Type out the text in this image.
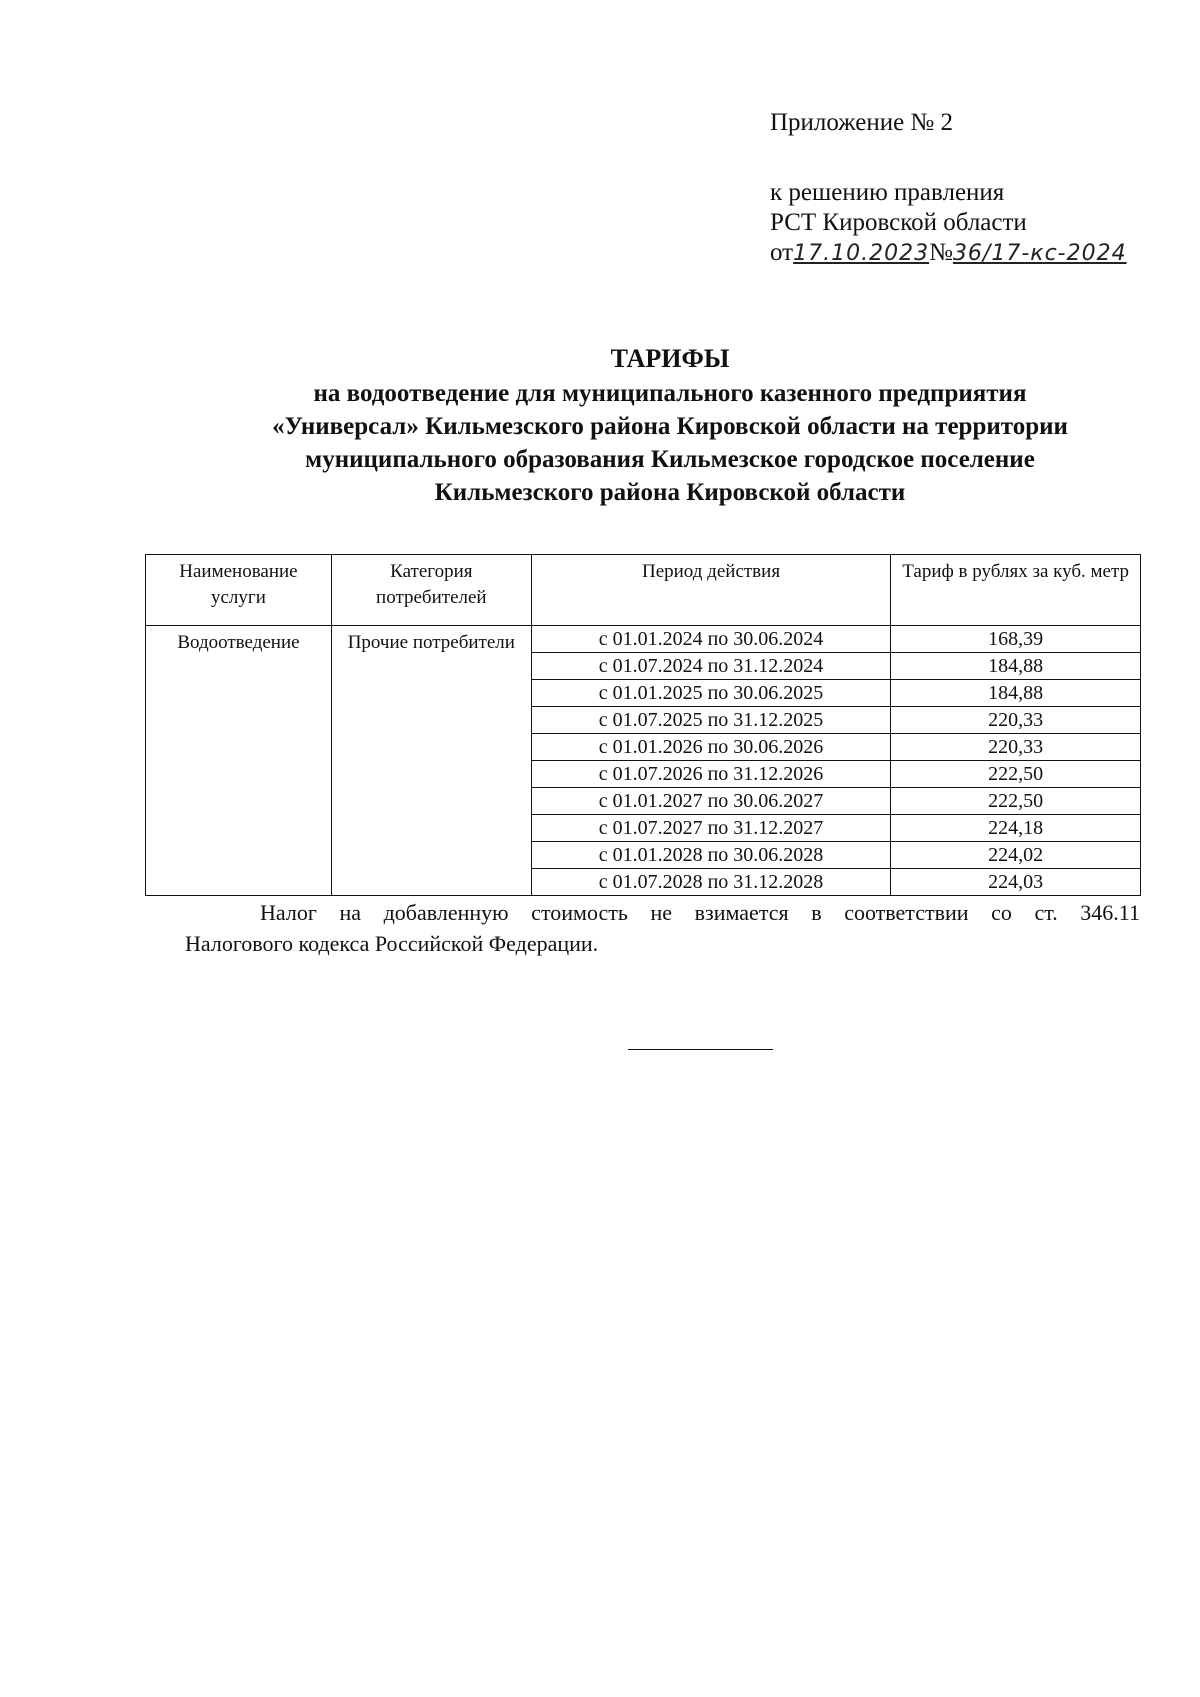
Приложение № 2
к решению правления
РСТ Кировской области
от17.10.2023№36/17-кс-2024
ТАРИФЫ
на водоотведение для муниципального казенного предприятия
«Универсал» Кильмезского района Кировской области на территории
муниципального образования Кильмезское городское поселение
Кильмезского района Кировской области
Наименование услуги	Категория потребителей	Период действия	Тариф в рублях за куб. метр
Водоотведение	Прочие потребители	с 01.01.2024 по 30.06.2024	168,39
		с 01.07.2024 по 31.12.2024	184,88
		с 01.01.2025 по 30.06.2025	184,88
		с 01.07.2025 по 31.12.2025	220,33
		с 01.01.2026 по 30.06.2026	220,33
		с 01.07.2026 по 31.12.2026	222,50
		с 01.01.2027 по 30.06.2027	222,50
		с 01.07.2027 по 31.12.2027	224,18
		с 01.01.2028 по 30.06.2028	224,02
		с 01.07.2028 по 31.12.2028	224,03
Налог на добавленную стоимость не взимается в соответствии со ст. 346.11
Налогового кодекса Российской Федерации.
